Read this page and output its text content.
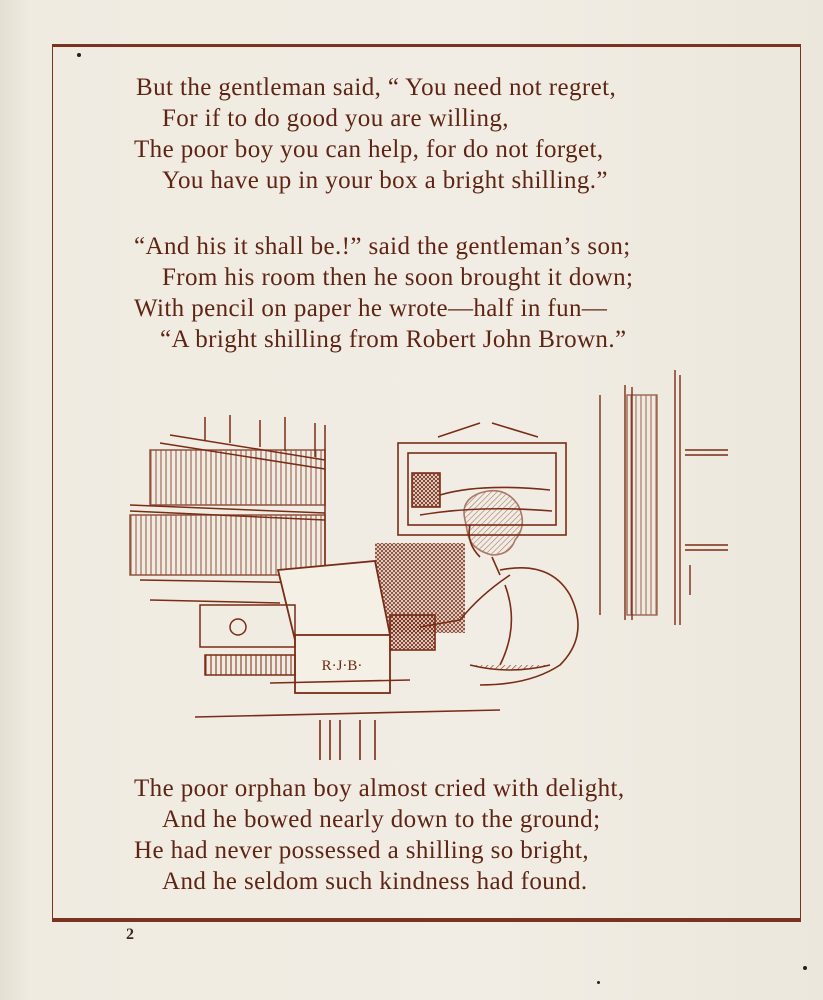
But the gentleman said, “ You need not regret,
For if to do good you are willing,
The poor boy you can help, for do not forget,
You have up in your box a bright shilling.”
“And his it shall be.!” said the gentleman’s son;
From his room then he soon brought it down;
With pencil on paper he wrote—half in fun—
“A bright shilling from Robert John Brown.”
R·J·B·
The poor orphan boy almost cried with delight,
And he bowed nearly down to the ground;
He had never possessed a shilling so bright,
And he seldom such kindness had found.
2
